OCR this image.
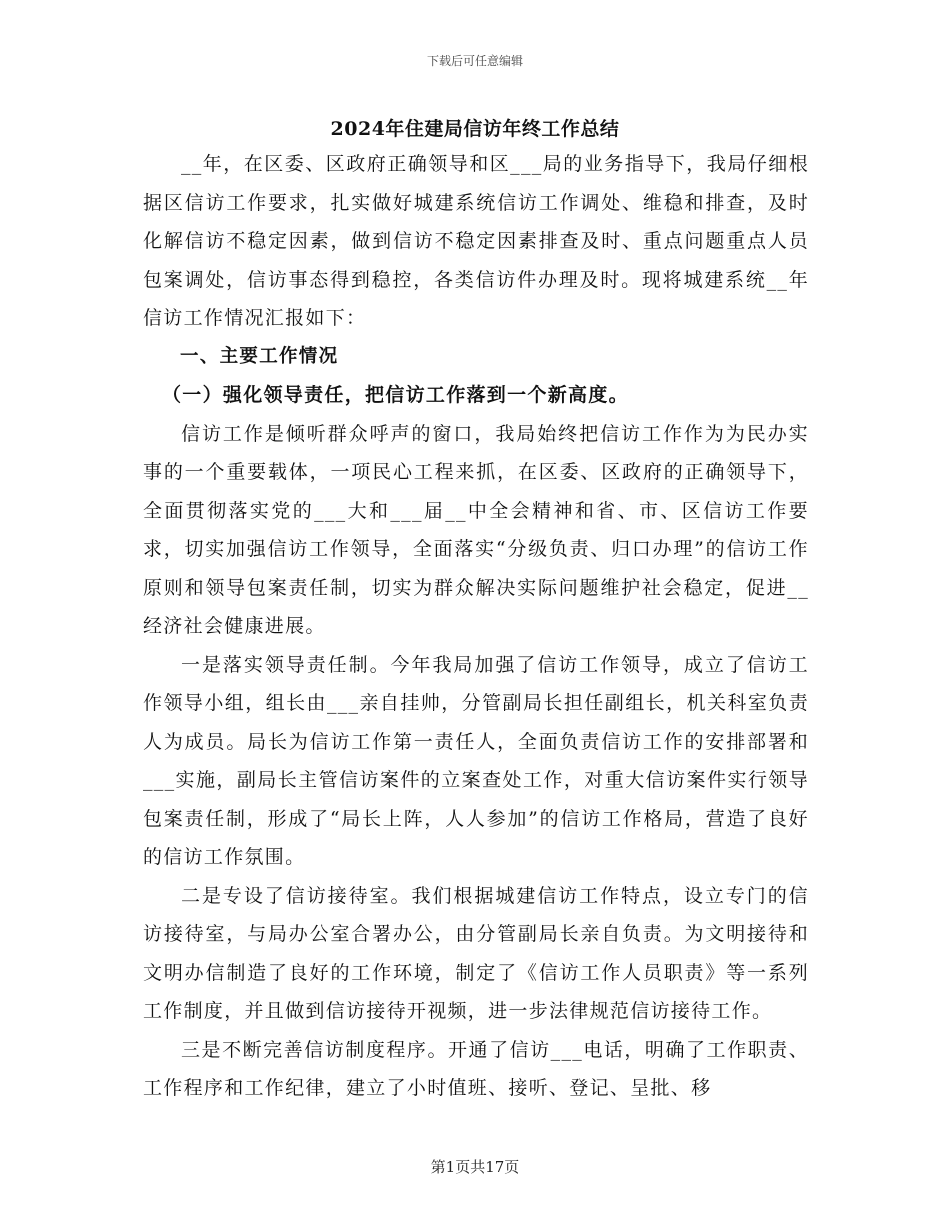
下载后可任意编辑
2024年住建局信访年终工作总结

__年，在区委、区政府正确领导和区___局的业务指导下，我局仔细根据区信访工作要求，扎实做好城建系统信访工作调处、维稳和排查，及时化解信访不稳定因素，做到信访不稳定因素排查及时、重点问题重点人员包案调处，信访事态得到稳控，各类信访件办理及时。现将城建系统__年信访工作情况汇报如下：

一、主要工作情况

（一）强化领导责任，把信访工作落到一个新高度。

信访工作是倾听群众呼声的窗口，我局始终把信访工作作为为民办实事的一个重要载体，一项民心工程来抓，在区委、区政府的正确领导下，全面贯彻落实党的___大和___届__中全会精神和省、市、区信访工作要求，切实加强信访工作领导，全面落实“分级负责、归口办理”的信访工作原则和领导包案责任制，切实为群众解决实际问题维护社会稳定，促进__经济社会健康进展。

一是落实领导责任制。今年我局加强了信访工作领导，成立了信访工作领导小组，组长由___亲自挂帅，分管副局长担任副组长，机关科室负责人为成员。局长为信访工作第一责任人，全面负责信访工作的安排部署和___实施，副局长主管信访案件的立案查处工作，对重大信访案件实行领导包案责任制，形成了“局长上阵，人人参加”的信访工作格局，营造了良好的信访工作氛围。

二是专设了信访接待室。我们根据城建信访工作特点，设立专门的信访接待室，与局办公室合署办公，由分管副局长亲自负责。为文明接待和文明办信制造了良好的工作环境，制定了《信访工作人员职责》等一系列工作制度，并且做到信访接待开视频，进一步法律规范信访接待工作。

三是不断完善信访制度程序。开通了信访___电话，明确了工作职责、工作程序和工作纪律，建立了小时值班、接听、登记、呈批、移

第1页共17页
